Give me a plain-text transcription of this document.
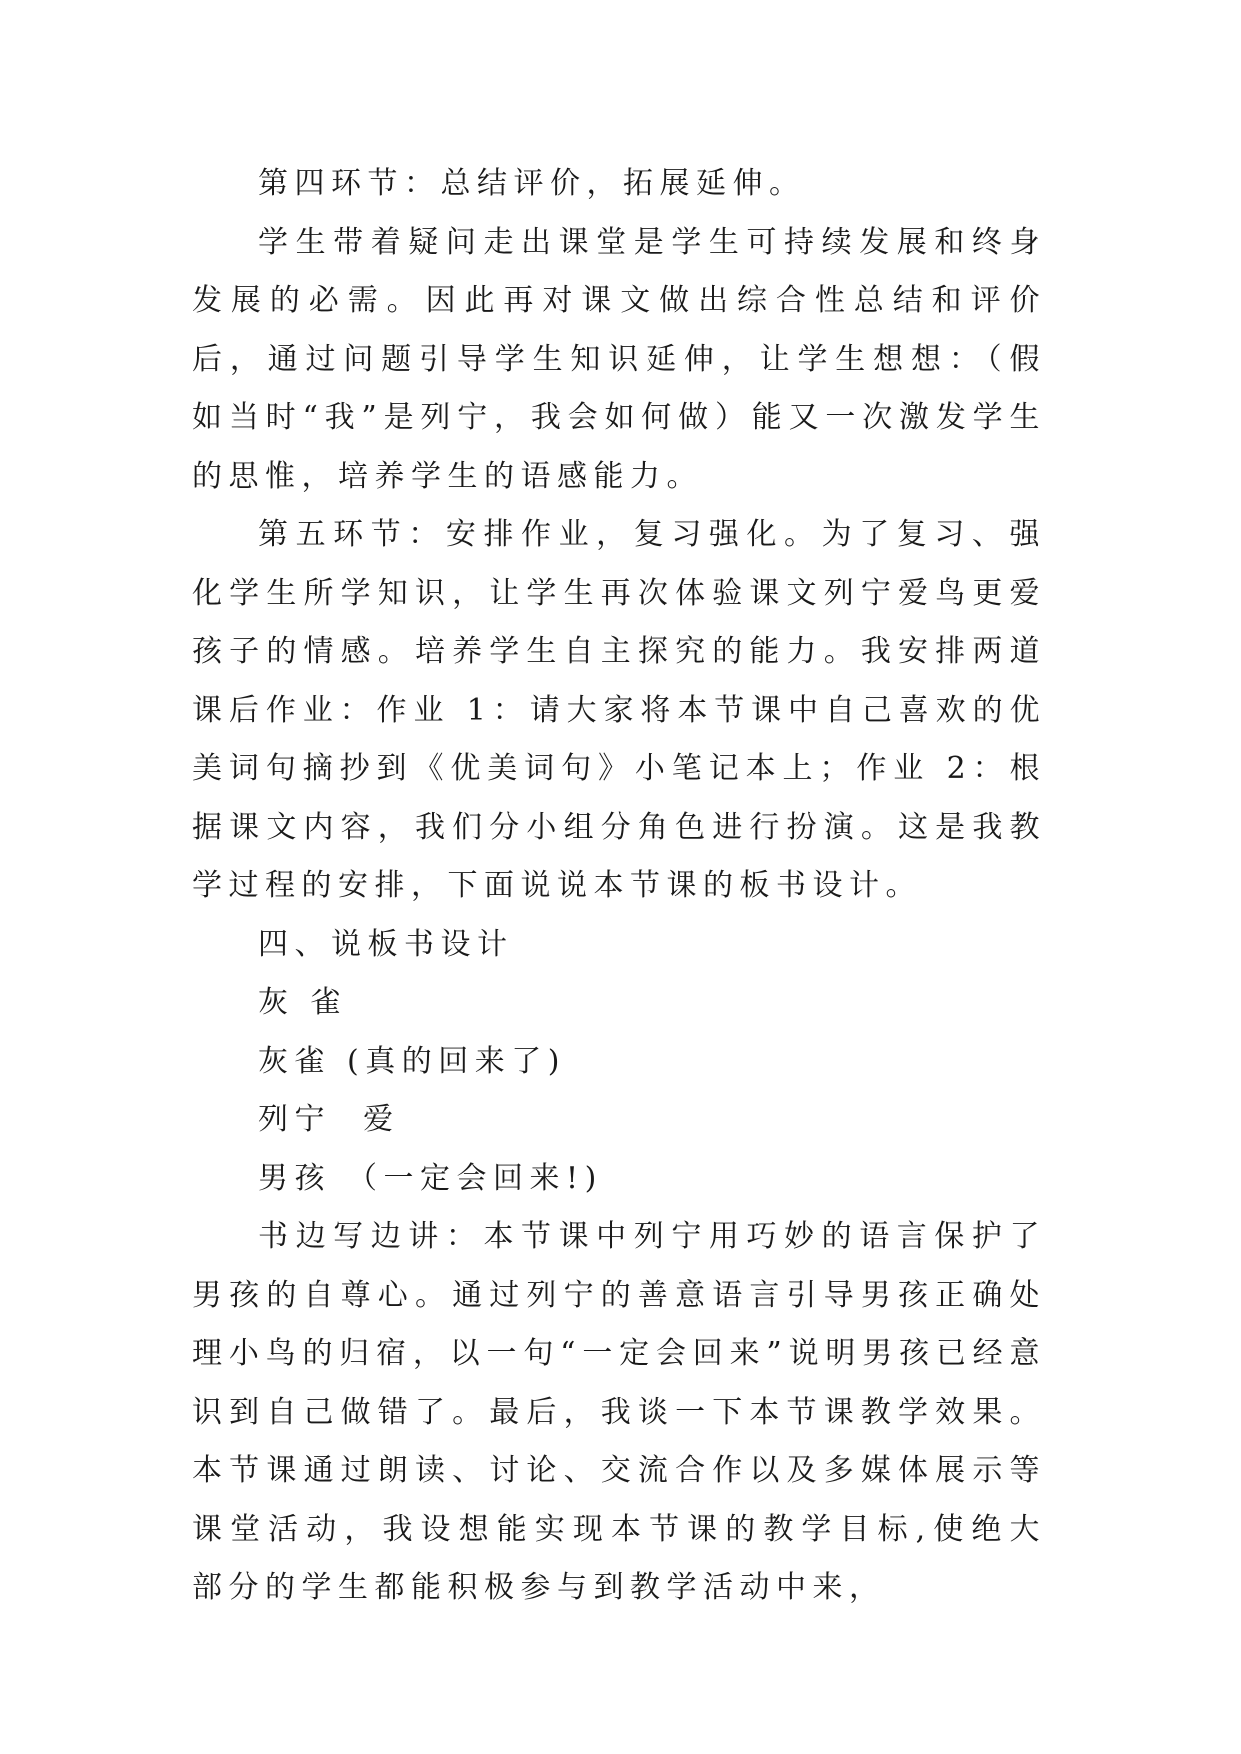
第四环节：总结评价，拓展延伸。

学生带着疑问走出课堂是学生可持续发展和终身发展的必需。因此再对课文做出综合性总结和评价后，通过问题引导学生知识延伸，让学生想想：（假如当时“我”是列宁，我会如何做）能又一次激发学生的思惟，培养学生的语感能力。

第五环节：安排作业，复习强化。为了复习、强化学生所学知识，让学生再次体验课文列宁爱鸟更爱孩子的情感。培养学生自主探究的能力。我安排两道课后作业：作业 1：请大家将本节课中自己喜欢的优美词句摘抄到《优美词句》小笔记本上；作业 2：根据课文内容，我们分小组分角色进行扮演。这是我教学过程的安排，下面说说本节课的板书设计。

四、说板书设计

灰 雀

灰雀 (真的回来了)

列宁  爱

男孩 （一定会回来!)

书边写边讲：本节课中列宁用巧妙的语言保护了男孩的自尊心。通过列宁的善意语言引导男孩正确处理小鸟的归宿，以一句“一定会回来”说明男孩已经意识到自己做错了。最后，我谈一下本节课教学效果。本节课通过朗读、讨论、交流合作以及多媒体展示等课堂活动，我设想能实现本节课的教学目标,使绝大部分的学生都能积极参与到教学活动中来，
